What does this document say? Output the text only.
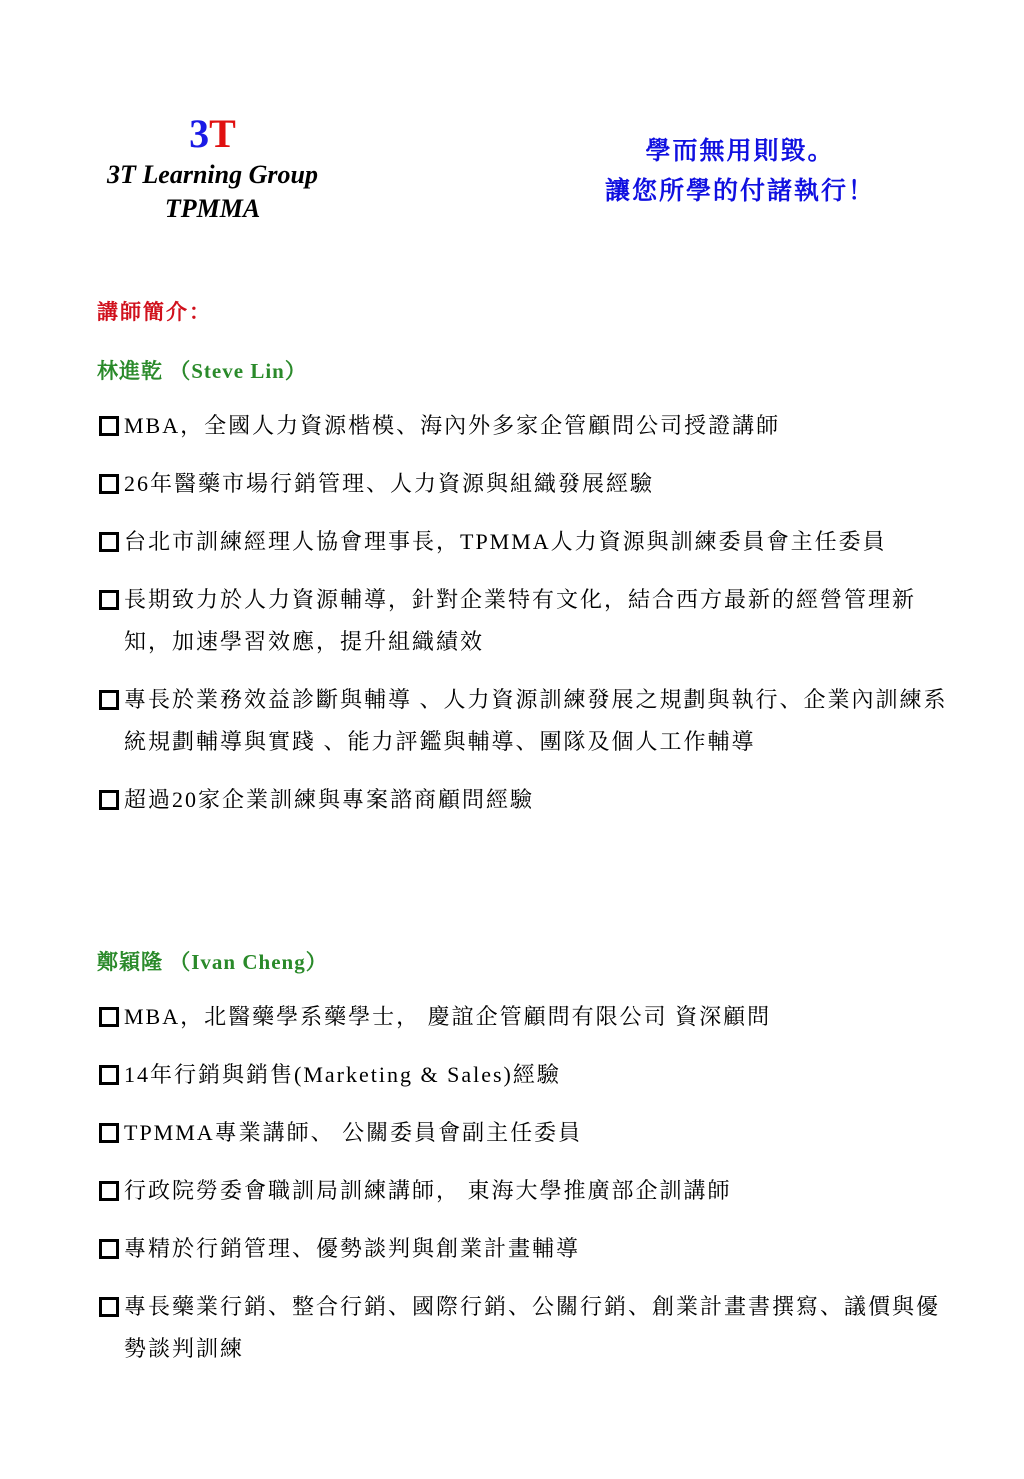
3T
3T Learning Group
TPMMA
學而無用則毀。
讓您所學的付諸執行！
講師簡介：
林進乾 （Steve Lin）
MBA，全國人力資源楷模、海內外多家企管顧問公司授證講師
26年醫藥市場行銷管理、人力資源與組織發展經驗
台北市訓練經理人協會理事長，TPMMA人力資源與訓練委員會主任委員
長期致力於人力資源輔導，針對企業特有文化，結合西方最新的經營管理新知，加速學習效應，提升組織績效
專長於業務效益診斷與輔導 、人力資源訓練發展之規劃與執行、企業內訓練系統規劃輔導與實踐 、能力評鑑與輔導、團隊及個人工作輔導
超過20家企業訓練與專案諮商顧問經驗
鄭穎隆 （Ivan Cheng）
MBA，北醫藥學系藥學士， 慶誼企管顧問有限公司 資深顧問
14年行銷與銷售(Marketing & Sales)經驗
TPMMA專業講師、 公關委員會副主任委員
行政院勞委會職訓局訓練講師， 東海大學推廣部企訓講師
專精於行銷管理、優勢談判與創業計畫輔導
專長藥業行銷、整合行銷、國際行銷、公關行銷、創業計畫書撰寫、議價與優勢談判訓練
